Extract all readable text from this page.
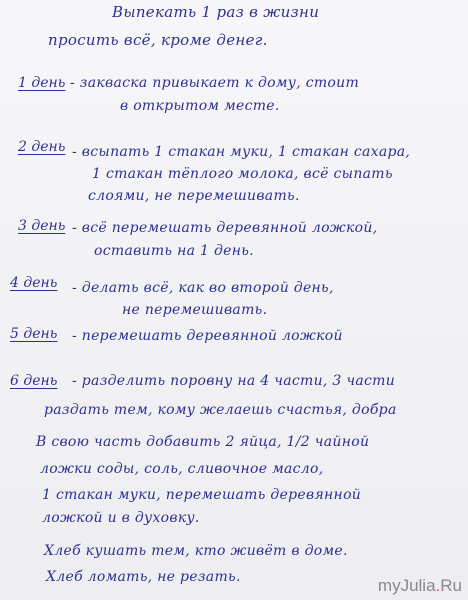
Выпекать 1 раз в жизни
просить всё, кроме денег.
1 день - закваска привыкает к дому, стоит
в открытом месте.
2 день - всыпать 1 стакан муки, 1 стакан сахара,
1 стакан тёплого молока, всё сыпать
слоями, не перемешивать.
3 день - всё перемешать деревянной ложкой,
оставить на 1 день.
4 день - делать всё, как во второй день,
не перемешивать.
5 день - перемешать деревянной ложкой
6 день - разделить поровну на 4 части, 3 части
раздать тем, кому желаешь счастья, добра
В свою часть добавить 2 яйца, 1/2 чайной
ложки соды, соль, сливочное масло,
1 стакан муки, перемешать деревянной
ложкой и в духовку.
Хлеб кушать тем, кто живёт в доме.
Хлеб ломать, не резать.	myJulia.Ru
